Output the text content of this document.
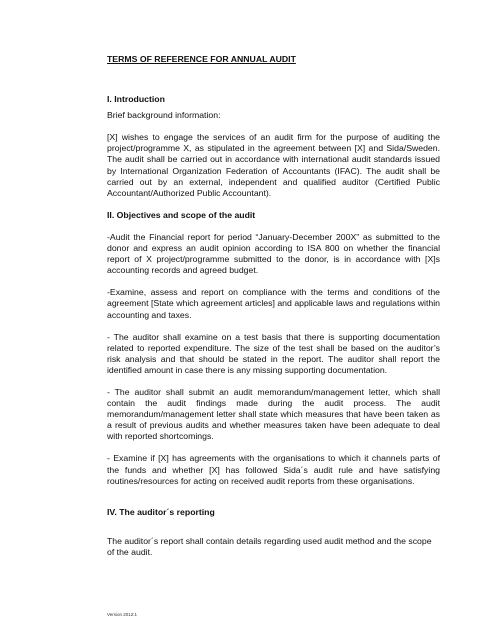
TERMS OF REFERENCE FOR ANNUAL AUDIT
I. Introduction

Brief background information:

[X] wishes to engage the services of an audit firm for the purpose of auditing the project/programme X, as stipulated in the agreement between [X] and Sida/Sweden. The audit shall be carried out in accordance with international audit standards issued by International Organization Federation of Accountants (IFAC). The audit shall be carried out by an external, independent and qualified auditor (Certified Public Accountant/Authorized Public Accountant).

II. Objectives and scope of the audit

-Audit the Financial report for period “January-December 200X” as submitted to the donor and express an audit opinion according to ISA 800 on whether the financial report of X project/programme submitted to the donor, is in accordance with [X]s accounting records and agreed budget.

-Examine, assess and report on compliance with the terms and conditions of the agreement [State which agreement articles] and applicable laws and regulations within accounting and taxes.

- The auditor shall examine on a test basis that there is supporting documentation related to reported expenditure. The size of the test shall be based on the auditor’s risk analysis and that should be stated in the report. The auditor shall report the identified amount in case there is any missing supporting documentation.

- The auditor shall submit an audit memorandum/management letter, which shall contain the audit findings made during the audit process. The audit memorandum/management letter shall state which measures that have been taken as a result of previous audits and whether measures taken have been adequate to deal with reported shortcomings.

- Examine if [X] has agreements with the organisations to which it channels parts of the funds and whether [X] has followed Sida´s audit rule and have satisfying routines/resources for acting on received audit reports from these organisations.

IV. The auditor´s reporting

The auditor´s report shall contain details regarding used audit method and the scope of the audit.

Version 2012:1
